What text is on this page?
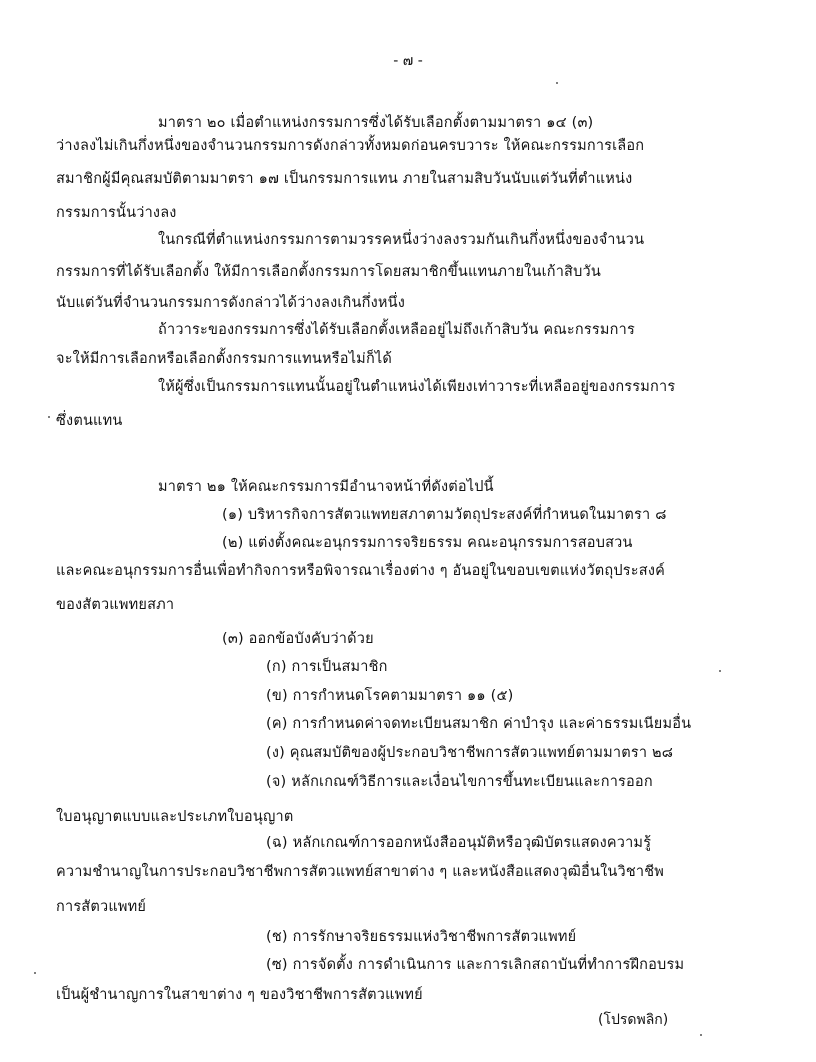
- ๗ -
มาตรา ๒๐ เมื่อตำแหน่งกรรมการซึ่งได้รับเลือกตั้งตามมาตรา ๑๔ (๓)
ว่างลงไม่เกินกึ่งหนึ่งของจำนวนกรรมการดังกล่าวทั้งหมดก่อนครบวาระ ให้คณะกรรมการเลือก
สมาชิกผู้มีคุณสมบัติตามมาตรา ๑๗ เป็นกรรมการแทน ภายในสามสิบวันนับแต่วันที่ตำแหน่ง
กรรมการนั้นว่างลง
ในกรณีที่ตำแหน่งกรรมการตามวรรคหนึ่งว่างลงรวมกันเกินกึ่งหนึ่งของจำนวน
กรรมการที่ได้รับเลือกตั้ง ให้มีการเลือกตั้งกรรมการโดยสมาชิกขึ้นแทนภายในเก้าสิบวัน
นับแต่วันที่จำนวนกรรมการดังกล่าวได้ว่างลงเกินกึ่งหนึ่ง
ถ้าวาระของกรรมการซึ่งได้รับเลือกตั้งเหลืออยู่ไม่ถึงเก้าสิบวัน คณะกรรมการ
จะให้มีการเลือกหรือเลือกตั้งกรรมการแทนหรือไม่ก็ได้
ให้ผู้ซึ่งเป็นกรรมการแทนนั้นอยู่ในตำแหน่งได้เพียงเท่าวาระที่เหลืออยู่ของกรรมการ
ซึ่งตนแทน
มาตรา ๒๑ ให้คณะกรรมการมีอำนาจหน้าที่ดังต่อไปนี้
(๑) บริหารกิจการสัตวแพทยสภาตามวัตถุประสงค์ที่กำหนดในมาตรา ๘
(๒) แต่งตั้งคณะอนุกรรมการจริยธรรม คณะอนุกรรมการสอบสวน
และคณะอนุกรรมการอื่นเพื่อทำกิจการหรือพิจารณาเรื่องต่าง ๆ อันอยู่ในขอบเขตแห่งวัตถุประสงค์
ของสัตวแพทยสภา
(๓) ออกข้อบังคับว่าด้วย
(ก) การเป็นสมาชิก
(ข) การกำหนดโรคตามมาตรา ๑๑ (๕)
(ค) การกำหนดค่าจดทะเบียนสมาชิก ค่าบำรุง และค่าธรรมเนียมอื่น
(ง) คุณสมบัติของผู้ประกอบวิชาชีพการสัตวแพทย์ตามมาตรา ๒๘
(จ) หลักเกณฑ์วิธีการและเงื่อนไขการขึ้นทะเบียนและการออก
ใบอนุญาตแบบและประเภทใบอนุญาต
(ฉ) หลักเกณฑ์การออกหนังสืออนุมัติหรือวุฒิบัตรแสดงความรู้
ความชำนาญในการประกอบวิชาชีพการสัตวแพทย์สาขาต่าง ๆ และหนังสือแสดงวุฒิอื่นในวิชาชีพ
การสัตวแพทย์
(ช) การรักษาจริยธรรมแห่งวิชาชีพการสัตวแพทย์
(ซ) การจัดตั้ง การดำเนินการ และการเลิกสถาบันที่ทำการฝึกอบรม
เป็นผู้ชำนาญการในสาขาต่าง ๆ ของวิชาชีพการสัตวแพทย์
(โปรดพลิก)
